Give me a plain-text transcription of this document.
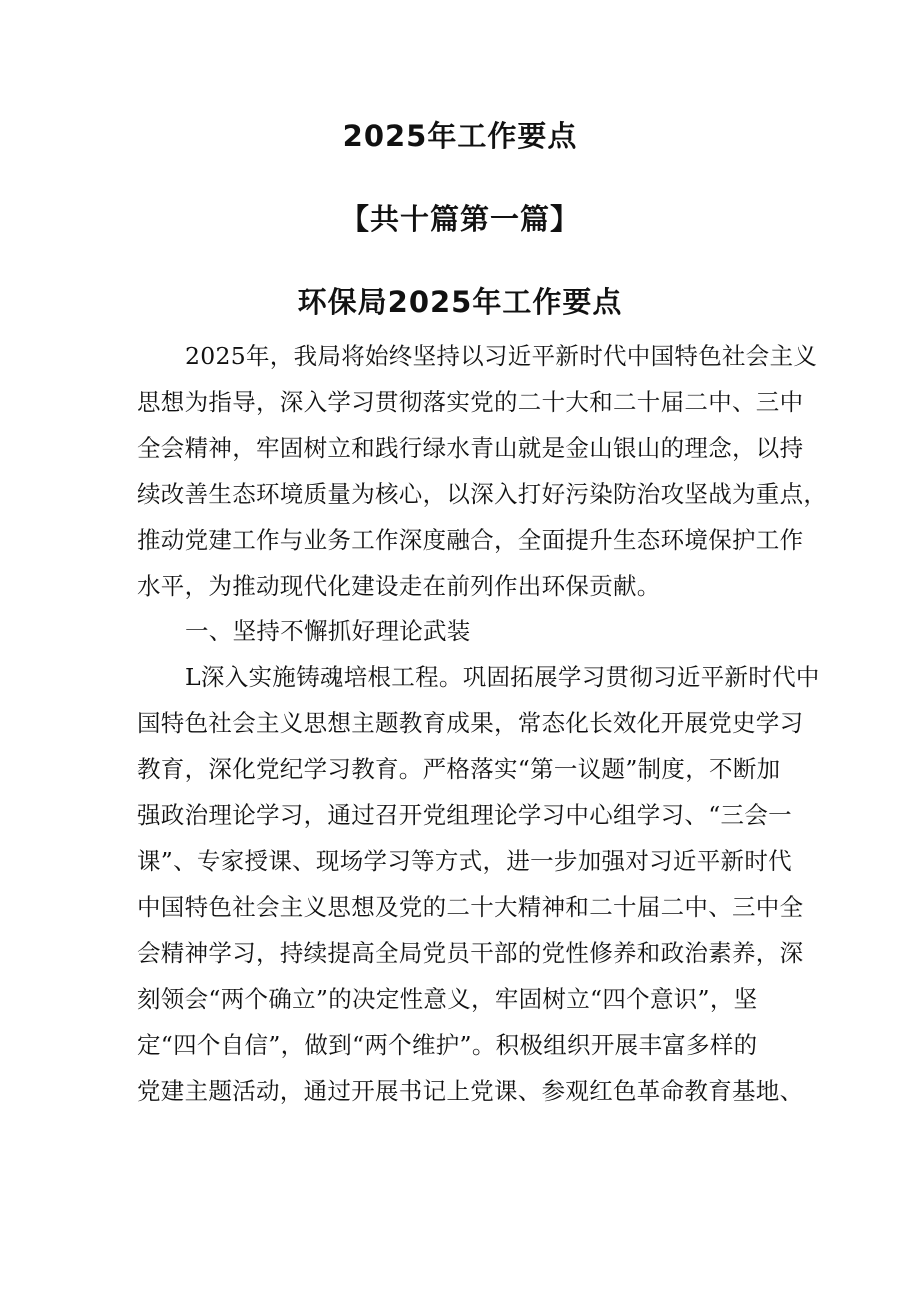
2025年工作要点
【共十篇第一篇】
环保局2025年工作要点
2025年，我局将始终坚持以习近平新时代中国特色社会主义
思想为指导，深入学习贯彻落实党的二十大和二十届二中、三中
全会精神，牢固树立和践行绿水青山就是金山银山的理念，以持
续改善生态环境质量为核心，以深入打好污染防治攻坚战为重点，
推动党建工作与业务工作深度融合，全面提升生态环境保护工作
水平，为推动现代化建设走在前列作出环保贡献。
一、坚持不懈抓好理论武装
L深入实施铸魂培根工程。巩固拓展学习贯彻习近平新时代中
国特色社会主义思想主题教育成果，常态化长效化开展党史学习
教育，深化党纪学习教育。严格落实“第一议题”制度，不断加
强政治理论学习，通过召开党组理论学习中心组学习、“三会一
课”、专家授课、现场学习等方式，进一步加强对习近平新时代
中国特色社会主义思想及党的二十大精神和二十届二中、三中全
会精神学习，持续提高全局党员干部的党性修养和政治素养，深
刻领会“两个确立”的决定性意义，牢固树立“四个意识”，坚
定“四个自信”，做到“两个维护”。积极组织开展丰富多样的
党建主题活动，通过开展书记上党课、参观红色革命教育基地、
